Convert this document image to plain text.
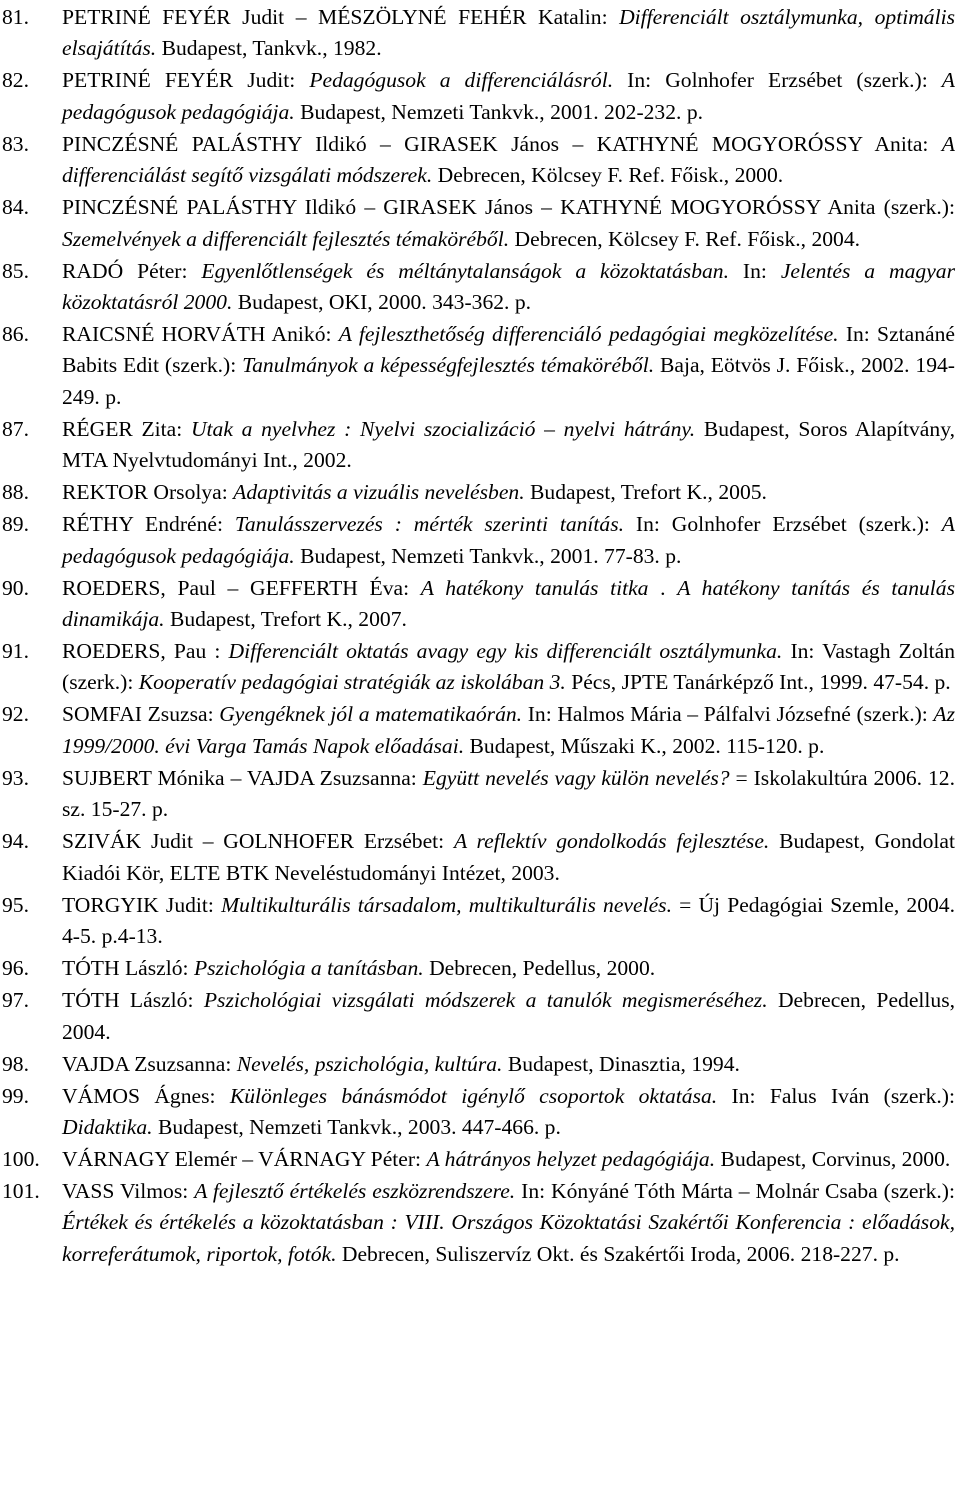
81. PETRINÉ FEYÉR Judit – MÉSZÖLYNÉ FEHÉR Katalin: Differenciált osztálymunka, optimális elsajátítás. Budapest, Tankvk., 1982.
82. PETRINÉ FEYÉR Judit: Pedagógusok a differenciálásról. In: Golnhofer Erzsébet (szerk.): A pedagógusok pedagógiája. Budapest, Nemzeti Tankvk., 2001. 202-232. p.
83. PINCZÉSNÉ PALÁSTHY Ildikó – GIRASEK János – KATHYNÉ MOGYORÓSSY Anita: A differenciálást segítő vizsgálati módszerek. Debrecen, Kölcsey F. Ref. Főisk., 2000.
84. PINCZÉSNÉ PALÁSTHY Ildikó – GIRASEK János – KATHYNÉ MOGYORÓSSY Anita (szerk.): Szemelvények a differenciált fejlesztés témaköréből. Debrecen, Kölcsey F. Ref. Főisk., 2004.
85. RADÓ Péter: Egyenlőtlenségek és méltánytalanságok a közoktatásban. In: Jelentés a magyar közoktatásról 2000. Budapest, OKI, 2000. 343-362. p.
86. RAICSNÉ HORVÁTH Anikó: A fejleszthetőség differenciáló pedagógiai megközelítése. In: Sztanáné Babits Edit (szerk.): Tanulmányok a képességfejlesztés témaköréből. Baja, Eötvös J. Főisk., 2002. 194-249. p.
87. RÉGER Zita: Utak a nyelvhez : Nyelvi szocializáció – nyelvi hátrány. Budapest, Soros Alapítvány, MTA Nyelvtudományi Int., 2002.
88. REKTOR Orsolya: Adaptivitás a vizuális nevelésben. Budapest, Trefort K., 2005.
89. RÉTHY Endréné: Tanulásszervezés : mérték szerinti tanítás. In: Golnhofer Erzsébet (szerk.): A pedagógusok pedagógiája. Budapest, Nemzeti Tankvk., 2001. 77-83. p.
90. ROEDERS, Paul – GEFFERTH Éva: A hatékony tanulás titka . A hatékony tanítás és tanulás dinamikája. Budapest, Trefort K., 2007.
91. ROEDERS, Pau : Differenciált oktatás avagy egy kis differenciált osztálymunka. In: Vastagh Zoltán (szerk.): Kooperatív pedagógiai stratégiák az iskolában 3. Pécs, JPTE Tanárképző Int., 1999. 47-54. p.
92. SOMFAI Zsuzsa: Gyengéknek jól a matematikaórán. In: Halmos Mária – Pálfalvi Józsefné (szerk.): Az 1999/2000. évi Varga Tamás Napok előadásai. Budapest, Műszaki K., 2002. 115-120. p.
93. SUJBERT Mónika – VAJDA Zsuzsanna: Együtt nevelés vagy külön nevelés? = Iskolakultúra 2006. 12. sz. 15-27. p.
94. SZIVÁK Judit – GOLNHOFER Erzsébet: A reflektív gondolkodás fejlesztése. Budapest, Gondolat Kiadói Kör, ELTE BTK Neveléstudományi Intézet, 2003.
95. TORGYIK Judit: Multikulturális társadalom, multikulturális nevelés. = Új Pedagógiai Szemle, 2004. 4-5. p.4-13.
96. TÓTH László: Pszichológia a tanításban. Debrecen, Pedellus, 2000.
97. TÓTH László: Pszichológiai vizsgálati módszerek a tanulók megismeréséhez. Debrecen, Pedellus, 2004.
98. VAJDA Zsuzsanna: Nevelés, pszichológia, kultúra. Budapest, Dinasztia, 1994.
99. VÁMOS Ágnes: Különleges bánásmódot igénylő csoportok oktatása. In: Falus Iván (szerk.): Didaktika. Budapest, Nemzeti Tankvk., 2003. 447-466. p.
100. VÁRNAGY Elemér – VÁRNAGY Péter: A hátrányos helyzet pedagógiája. Budapest, Corvinus, 2000.
101. VASS Vilmos: A fejlesztő értékelés eszközrendszere. In: Kónyáné Tóth Márta – Molnár Csaba (szerk.): Értékek és értékelés a közoktatásban : VIII. Országos Közoktatási Szakértői Konferencia : előadások, korreferátumok, riportok, fotók. Debrecen, Suliszervíz Okt. és Szakértői Iroda, 2006. 218-227. p.
